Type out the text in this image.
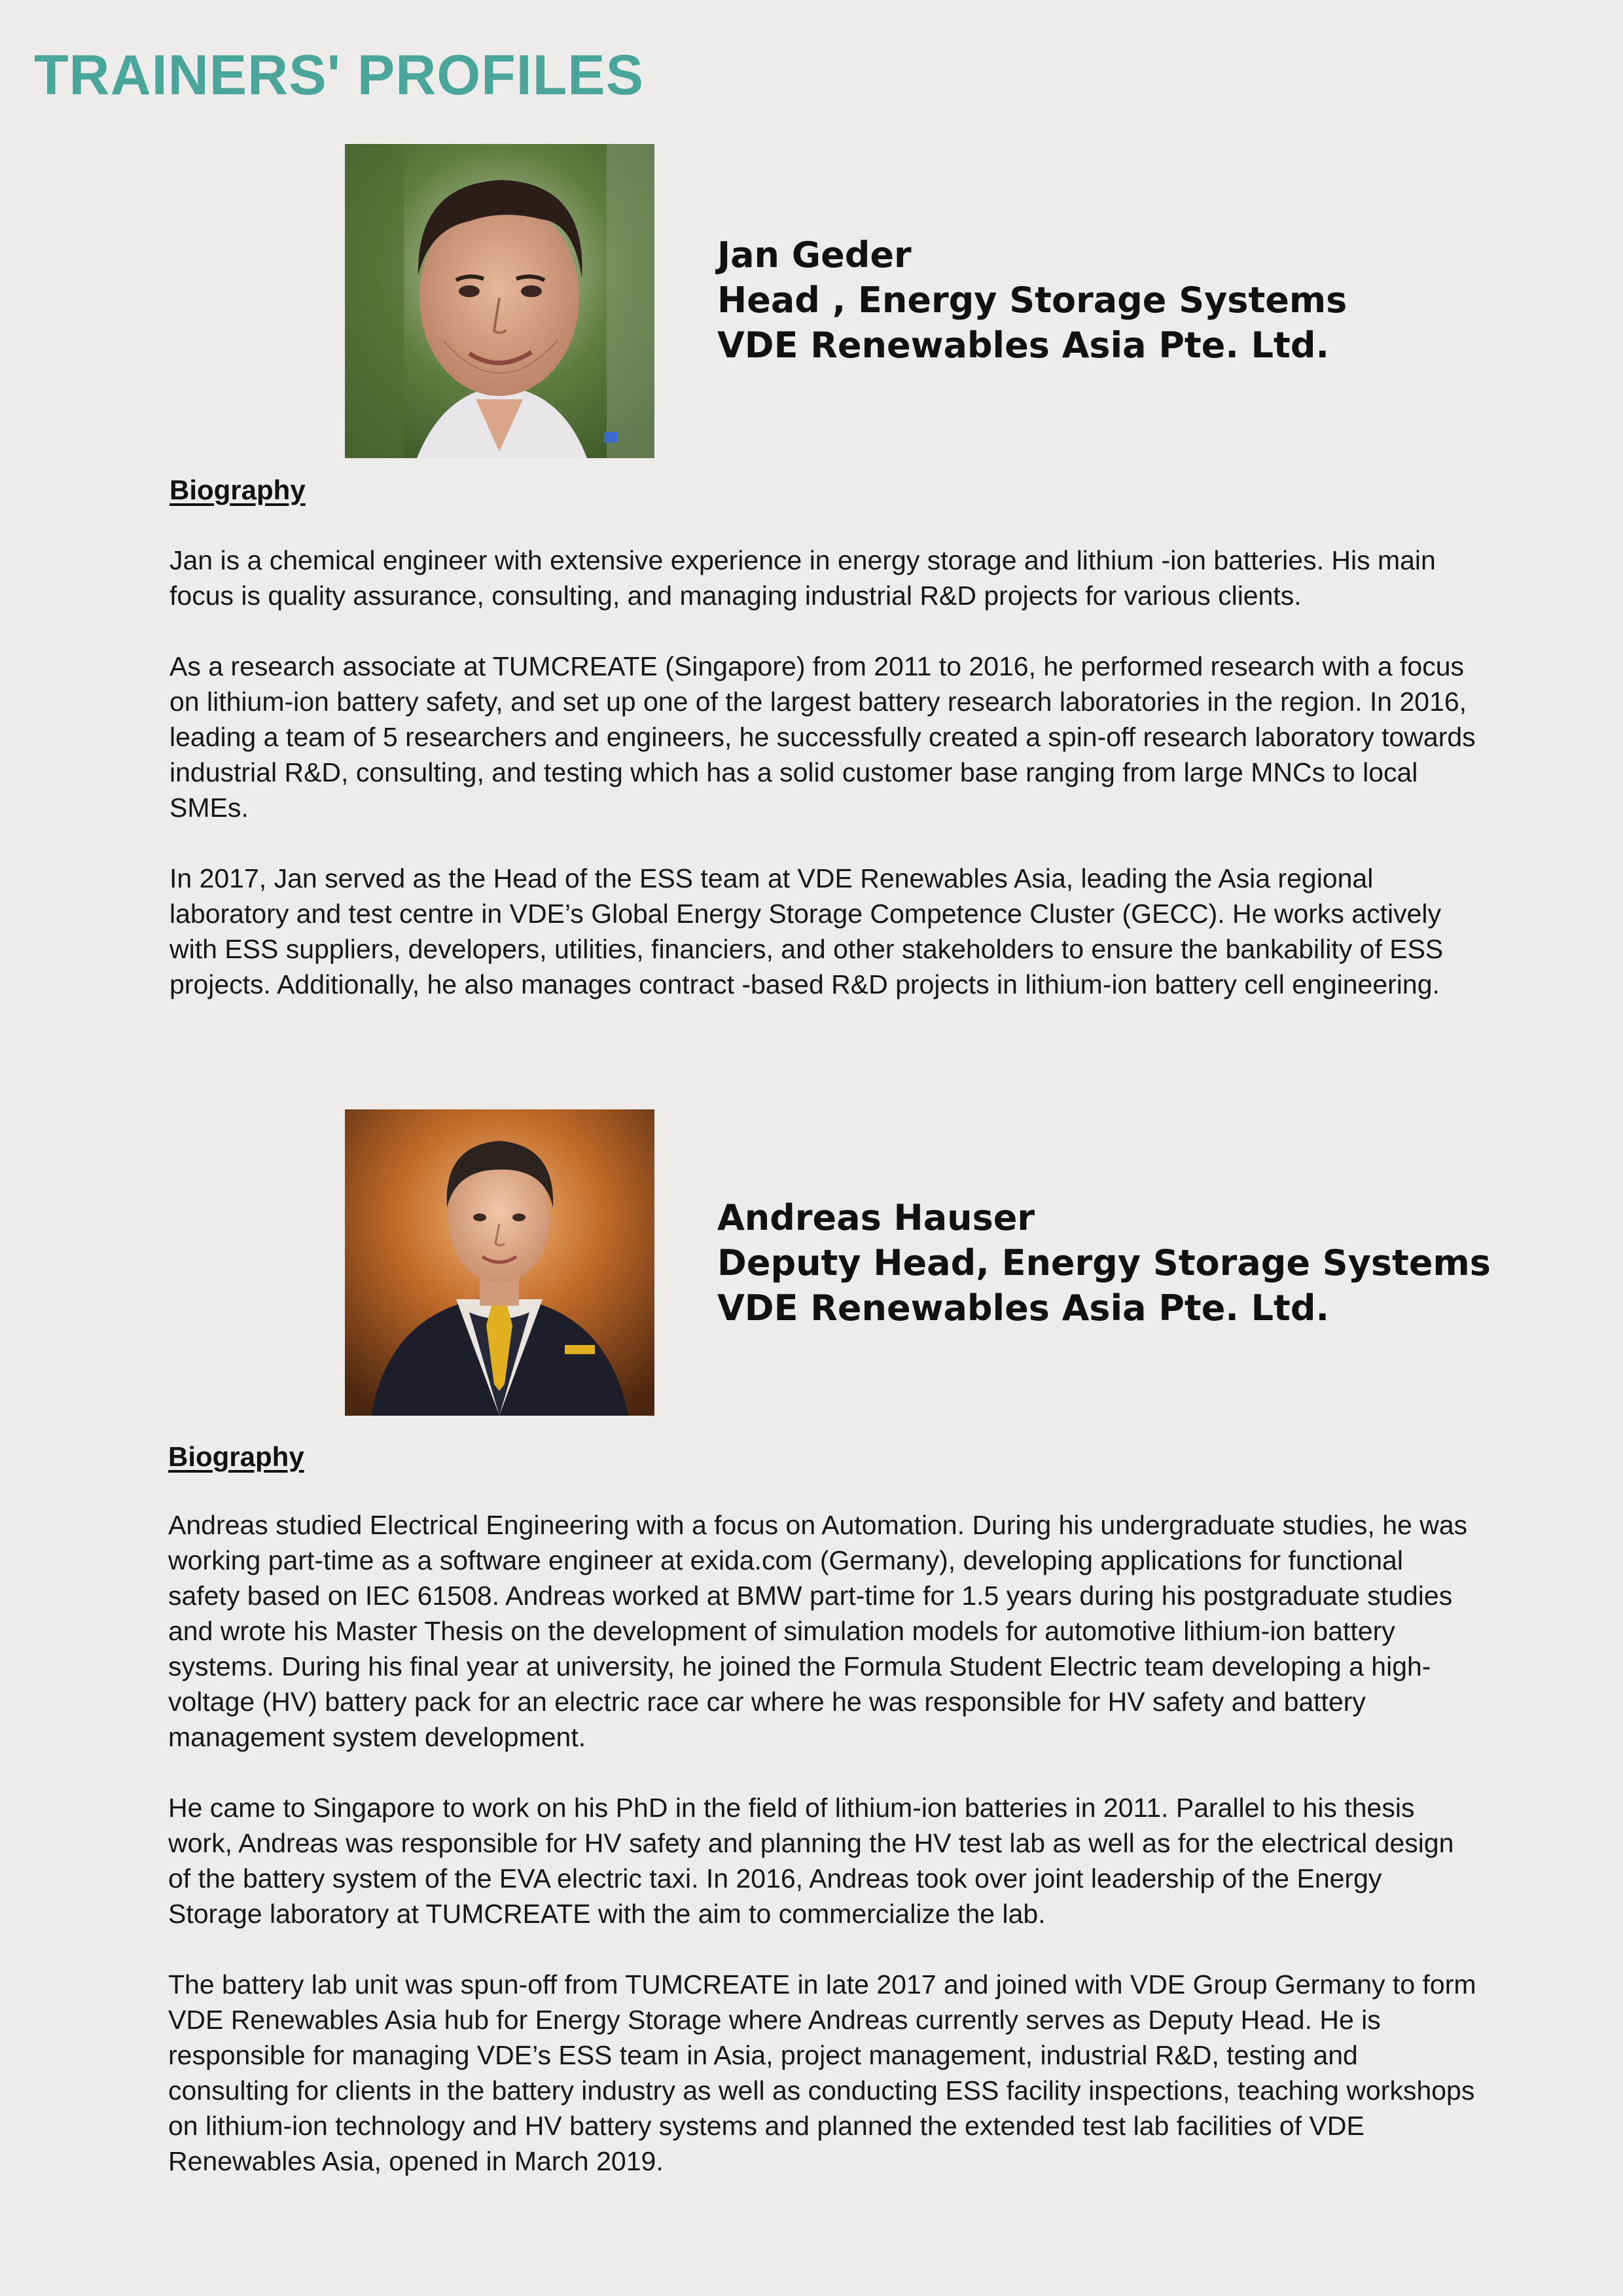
TRAINERS' PROFILES
Jan Geder
Head , Energy Storage Systems
VDE Renewables Asia Pte. Ltd.
Biography

Jan is a chemical engineer with extensive experience in energy storage and lithium -ion batteries. His main focus is quality assurance, consulting, and managing industrial R&D projects for various clients.

As a research associate at TUMCREATE (Singapore) from 2011 to 2016, he performed research with a focus on lithium-ion battery safety, and set up one of the largest battery research laboratories in the region. In 2016, leading a team of 5 researchers and engineers, he successfully created a spin-off research laboratory towards industrial R&D, consulting, and testing which has a solid customer base ranging from large MNCs to local SMEs.

In 2017, Jan served as the Head of the ESS team at VDE Renewables Asia, leading the Asia regional laboratory and test centre in VDE’s Global Energy Storage Competence Cluster (GECC). He works actively with ESS suppliers, developers, utilities, financiers, and other stakeholders to ensure the bankability of ESS projects. Additionally, he also manages contract -based R&D projects in lithium-ion battery cell engineering.

Andreas Hauser
Deputy Head, Energy Storage Systems
VDE Renewables Asia Pte. Ltd.
Biography

Andreas studied Electrical Engineering with a focus on Automation. During his undergraduate studies, he was working part-time as a software engineer at exida.com (Germany), developing applications for functional safety based on IEC 61508. Andreas worked at BMW part-time for 1.5 years during his postgraduate studies and wrote his Master Thesis on the development of simulation models for automotive lithium-ion battery systems. During his final year at university, he joined the Formula Student Electric team developing a high-voltage (HV) battery pack for an electric race car where he was responsible for HV safety and battery management system development.

He came to Singapore to work on his PhD in the field of lithium-ion batteries in 2011. Parallel to his thesis work, Andreas was responsible for HV safety and planning the HV test lab as well as for the electrical design of the battery system of the EVA electric taxi. In 2016, Andreas took over joint leadership of the Energy Storage laboratory at TUMCREATE with the aim to commercialize the lab.

The battery lab unit was spun-off from TUMCREATE in late 2017 and joined with VDE Group Germany to form VDE Renewables Asia hub for Energy Storage where Andreas currently serves as Deputy Head. He is responsible for managing VDE’s ESS team in Asia, project management, industrial R&D, testing and consulting for clients in the battery industry as well as conducting ESS facility inspections, teaching workshops on lithium-ion technology and HV battery systems and planned the extended test lab facilities of VDE Renewables Asia, opened in March 2019.
